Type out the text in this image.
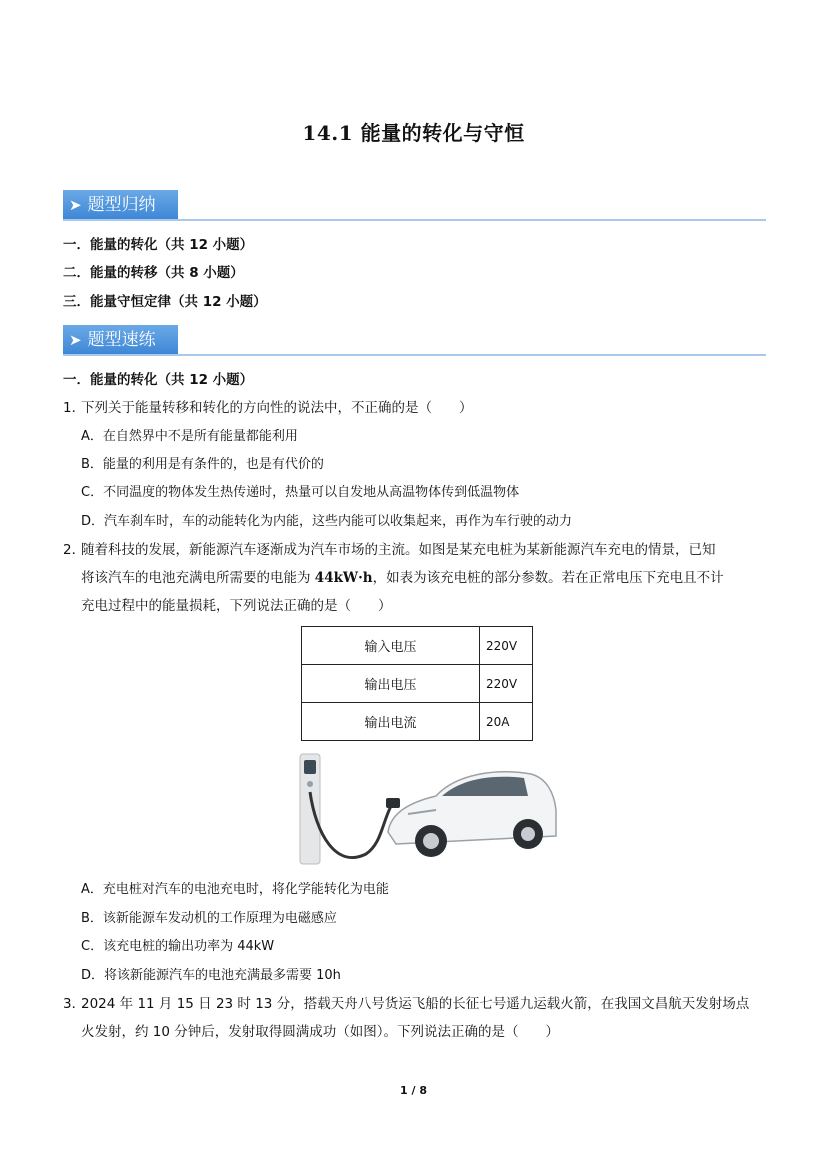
14.1 能量的转化与守恒
➤ 题型归纳
一．能量的转化（共 12 小题）
二．能量的转移（共 8 小题）
三．能量守恒定律（共 12 小题）
➤ 题型速练
一．能量的转化（共 12 小题）
1．下列关于能量转移和转化的方向性的说法中，不正确的是（　　）
A．在自然界中不是所有能量都能利用
B．能量的利用是有条件的，也是有代价的
C．不同温度的物体发生热传递时，热量可以自发地从高温物体传到低温物体
D．汽车刹车时，车的动能转化为内能，这些内能可以收集起来，再作为车行驶的动力
2．随着科技的发展，新能源汽车逐渐成为汽车市场的主流。如图是某充电桩为某新能源汽车充电的情景，已知
将该汽车的电池充满电所需要的电能为 44kW·h，如表为该充电桩的部分参数。若在正常电压下充电且不计
充电过程中的能量损耗，下列说法正确的是（　　）
输入电压	220V
输出电压	220V
输出电流	20A
A．充电桩对汽车的电池充电时，将化学能转化为电能
B．该新能源车发动机的工作原理为电磁感应
C．该充电桩的输出功率为 44kW
D．将该新能源汽车的电池充满最多需要 10h
3．2024 年 11 月 15 日 23 时 13 分，搭载天舟八号货运飞船的长征七号遥九运载火箭，在我国文昌航天发射场点
火发射，约 10 分钟后，发射取得圆满成功（如图）。下列说法正确的是（　　）
1 / 8
